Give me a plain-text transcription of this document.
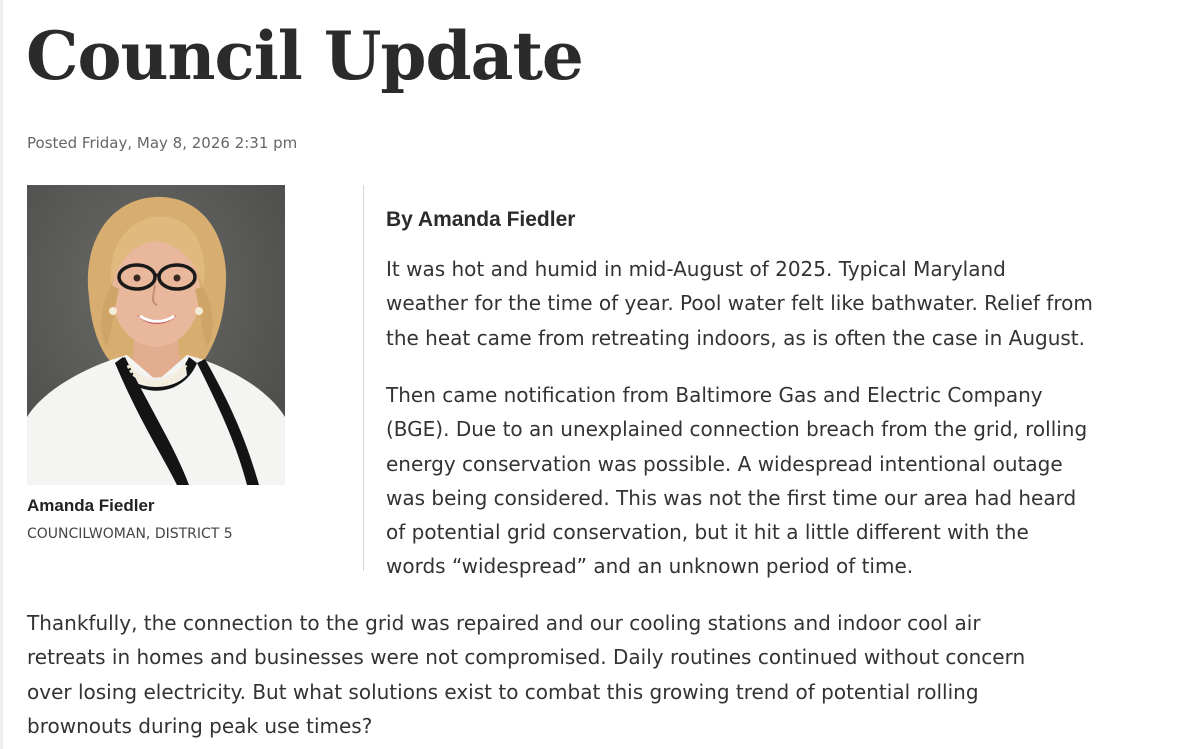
Council Update
Posted Friday, May 8, 2026 2:31 pm
Amanda Fiedler
COUNCILWOMAN, DISTRICT 5
By Amanda Fiedler
It was hot and humid in mid-August of 2025. Typical Maryland
weather for the time of year. Pool water felt like bathwater. Relief from
the heat came from retreating indoors, as is often the case in August.
Then came notification from Baltimore Gas and Electric Company
(BGE). Due to an unexplained connection breach from the grid, rolling
energy conservation was possible. A widespread intentional outage
was being considered. This was not the first time our area had heard
of potential grid conservation, but it hit a little different with the
words “widespread” and an unknown period of time.
Thankfully, the connection to the grid was repaired and our cooling stations and indoor cool air
retreats in homes and businesses were not compromised. Daily routines continued without concern
over losing electricity. But what solutions exist to combat this growing trend of potential rolling
brownouts during peak use times?
